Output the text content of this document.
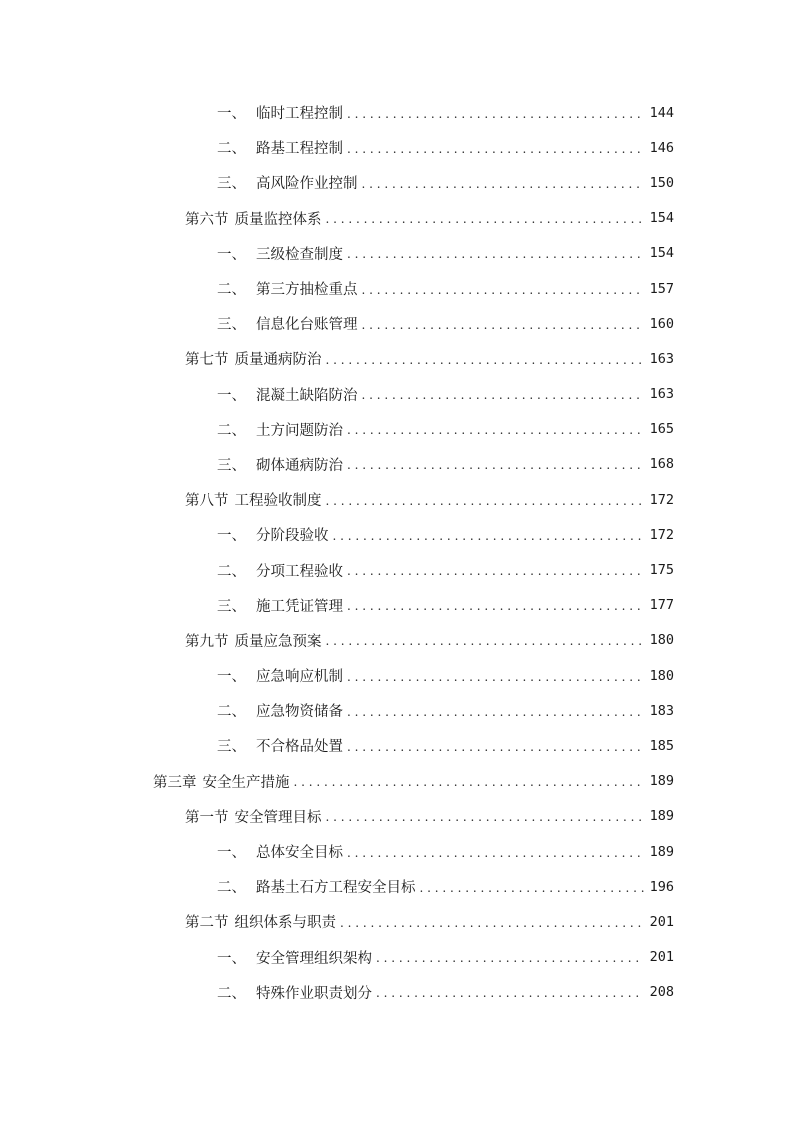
一、 临时工程控制 . . .	144
二、 路基工程控制 . . .	146
三、 高风险作业控制 . . .	150
第六节 质量监控体系 . . .	154
一、 三级检查制度 . . .	154
二、 第三方抽检重点 . . .	157
三、 信息化台账管理 . . .	160
第七节 质量通病防治 . . .	163
一、 混凝土缺陷防治 . . .	163
二、 土方问题防治 . . .	165
三、 砌体通病防治 . . .	168
第八节 工程验收制度 . . .	172
一、 分阶段验收 . . .	172
二、 分项工程验收 . . .	175
三、 施工凭证管理 . . .	177
第九节 质量应急预案 . . .	180
一、 应急响应机制 . . .	180
二、 应急物资储备 . . .	183
三、 不合格品处置 . . .	185
第三章 安全生产措施 . . .	189
第一节 安全管理目标 . . .	189
一、 总体安全目标 . . .	189
二、 路基土石方工程安全目标 . . .	196
第二节 组织体系与职责 . . .	201
一、 安全管理组织架构 . . .	201
二、 特殊作业职责划分 . . .	208
